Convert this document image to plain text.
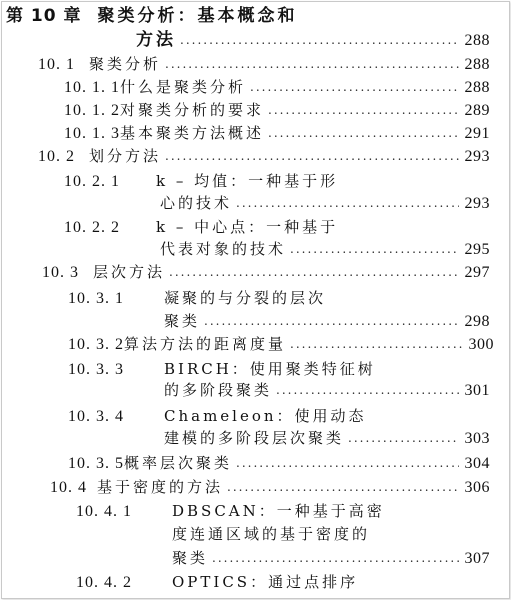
第 10 章 聚类分析：基本概念和
方法 .....	288
10. 1 聚类分析 .....	288
10. 1. 1 什么是聚类分析 .....	288
10. 1. 2 对聚类分析的要求 .....	289
10. 1. 3 基本聚类方法概述 .....	291
10. 2 划分方法 .....	293
10. 2. 1	k – 均值：一种基于形
心的技术 .....	293
10. 2. 2	k – 中心点：一种基于
代表对象的技术 .....	295
10. 3 层次方法 .....	297
10. 3. 1	凝聚的与分裂的层次
聚类 .....	298
10. 3. 2 算法方法的距离度量 .....	300
10. 3. 3	BIRCH：使用聚类特征树
的多阶段聚类 .....	301
10. 3. 4	Chameleon：使用动态
建模的多阶段层次聚类 .....	303
10. 3. 5 概率层次聚类 .....	304
10. 4 基于密度的方法 .....	306
10. 4. 1	DBSCAN：一种基于高密
度连通区域的基于密度的
聚类 .....	307
10. 4. 2	OPTICS：通过点排序
